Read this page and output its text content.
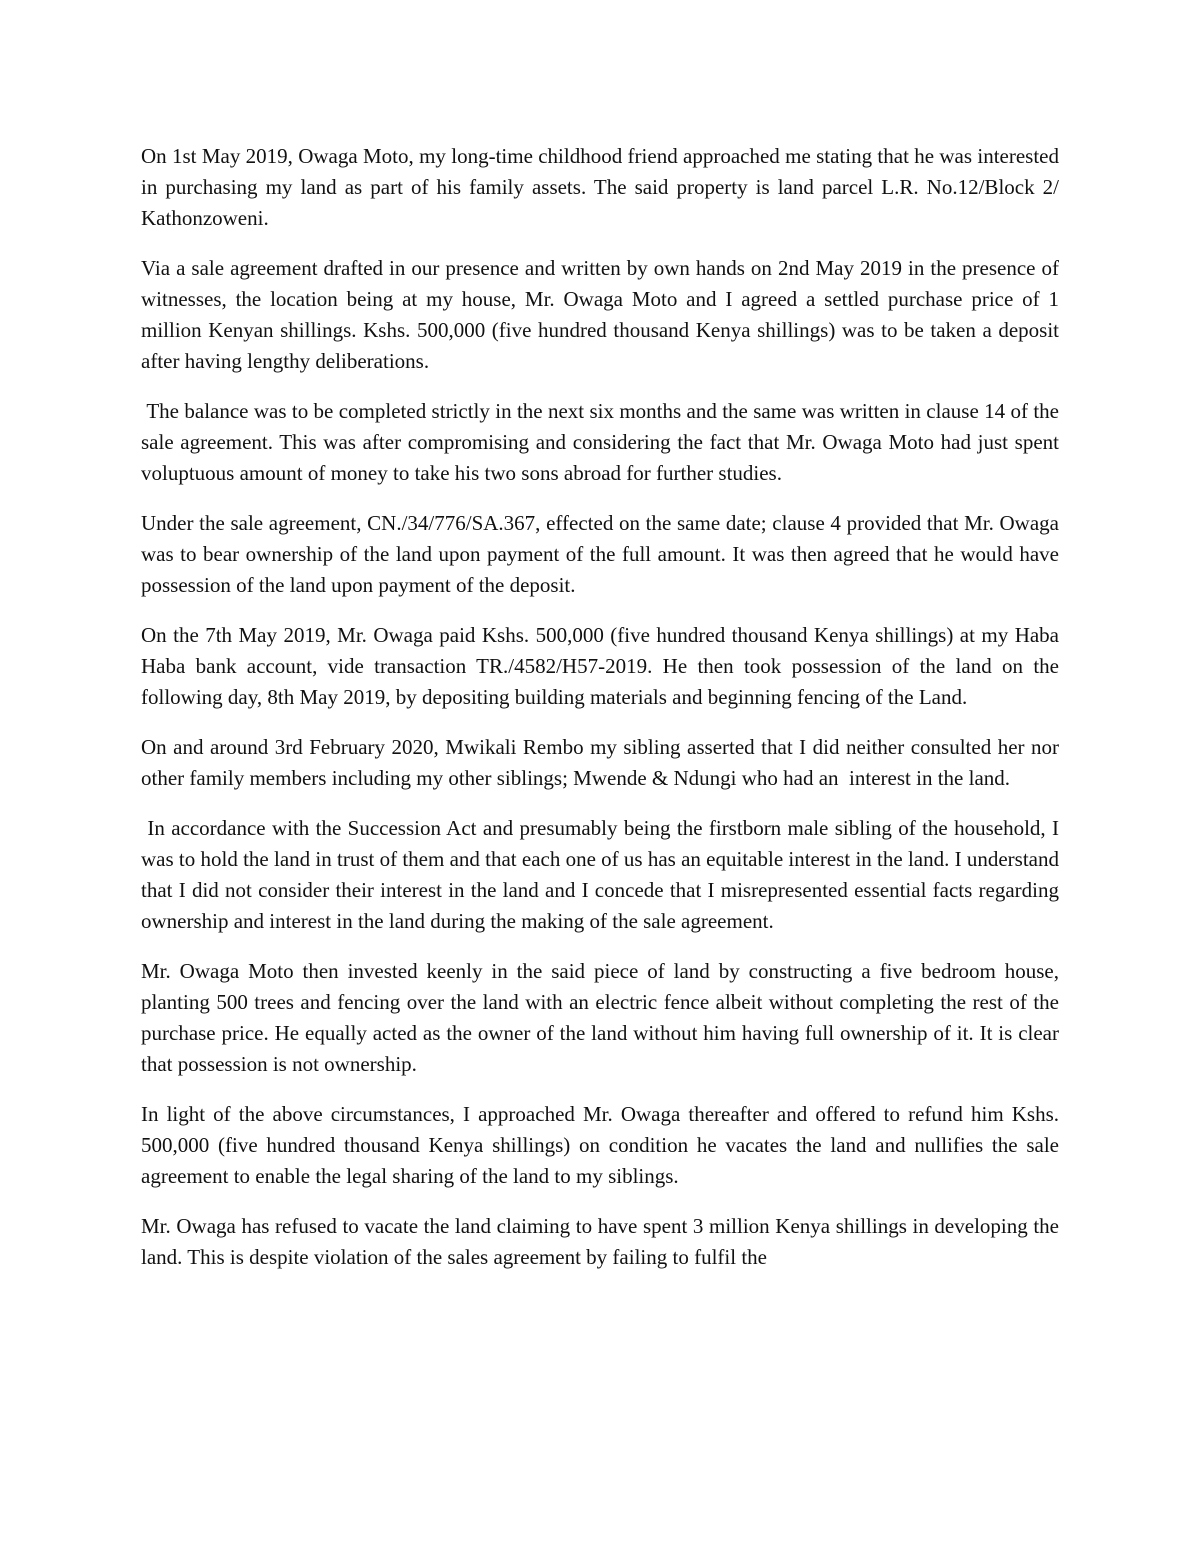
On 1st May 2019, Owaga Moto, my long-time childhood friend approached me stating that he was interested in purchasing my land as part of his family assets. The said property is land parcel L.R. No.12/Block 2/ Kathonzoweni.

Via a sale agreement drafted in our presence and written by own hands on 2nd May 2019 in the presence of witnesses, the location being at my house, Mr. Owaga Moto and I agreed a settled purchase price of 1 million Kenyan shillings. Kshs. 500,000 (five hundred thousand Kenya shillings) was to be taken a deposit after having lengthy deliberations.

The balance was to be completed strictly in the next six months and the same was written in clause 14 of the sale agreement. This was after compromising and considering the fact that Mr. Owaga Moto had just spent voluptuous amount of money to take his two sons abroad for further studies.

Under the sale agreement, CN./34/776/SA.367, effected on the same date; clause 4 provided that Mr. Owaga was to bear ownership of the land upon payment of the full amount. It was then agreed that he would have possession of the land upon payment of the deposit.

On the 7th May 2019, Mr. Owaga paid Kshs. 500,000 (five hundred thousand Kenya shillings) at my Haba Haba bank account, vide transaction TR./4582/H57-2019. He then took possession of the land on the following day, 8th May 2019, by depositing building materials and beginning fencing of the Land.

On and around 3rd February 2020, Mwikali Rembo my sibling asserted that I did neither consulted her nor other family members including my other siblings; Mwende & Ndungi who had an  interest in the land.

In accordance with the Succession Act and presumably being the firstborn male sibling of the household, I was to hold the land in trust of them and that each one of us has an equitable interest in the land. I understand that I did not consider their interest in the land and I concede that I misrepresented essential facts regarding ownership and interest in the land during the making of the sale agreement.

Mr. Owaga Moto then invested keenly in the said piece of land by constructing a five bedroom house, planting 500 trees and fencing over the land with an electric fence albeit without completing the rest of the purchase price. He equally acted as the owner of the land without him having full ownership of it. It is clear that possession is not ownership.

In light of the above circumstances, I approached Mr. Owaga thereafter and offered to refund him Kshs. 500,000 (five hundred thousand Kenya shillings) on condition he vacates the land and nullifies the sale agreement to enable the legal sharing of the land to my siblings.

Mr. Owaga has refused to vacate the land claiming to have spent 3 million Kenya shillings in developing the land. This is despite violation of the sales agreement by failing to fulfil the
